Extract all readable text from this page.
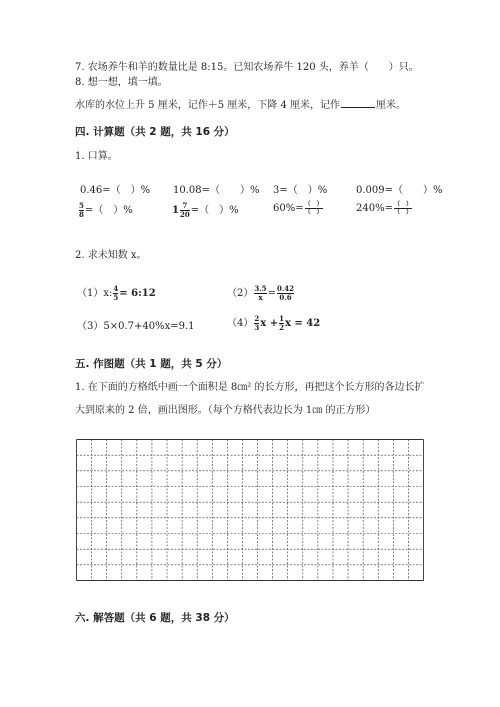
7. 农场养牛和羊的数量比是 8:15。已知农场养牛 120 头，养羊（　　）只。
8. 想一想，填一填。
水库的水位上升 5 厘米，记作＋5 厘米，下降 4 厘米，记作	厘米。
四. 计算题（共 2 题，共 16 分）
1. 口算。
0.46=（　）% 10.08=（　　）% 3=（　）%	0.009=（　　）%
$\frac{5}{8}$ =（　）%	$1 \frac{7}{20}$ =（　）%	$60\%= \frac{( )}{( )}$	$240\%= \frac{( )}{( )}$
2. 求未知数 x。
（1）x: $\frac{4}{5}$ = 6:12	$(2) \frac{3.5}{x} = \frac{0.42}{0.6}$
（3）5×0.7+40%x=9.1	$(4) \frac{2}{3}$ $x + \frac{1}{2}$ x = 42
五. 作图题（共 1 题，共 5 分）
1. 在下面的方格纸中画一个面积是 8㎝² 的长方形，再把这个长方形的各边长扩
大到原来的 2 倍，画出图形。（每个方格代表边长为 1㎝ 的正方形）
六. 解答题（共 6 题，共 38 分）
